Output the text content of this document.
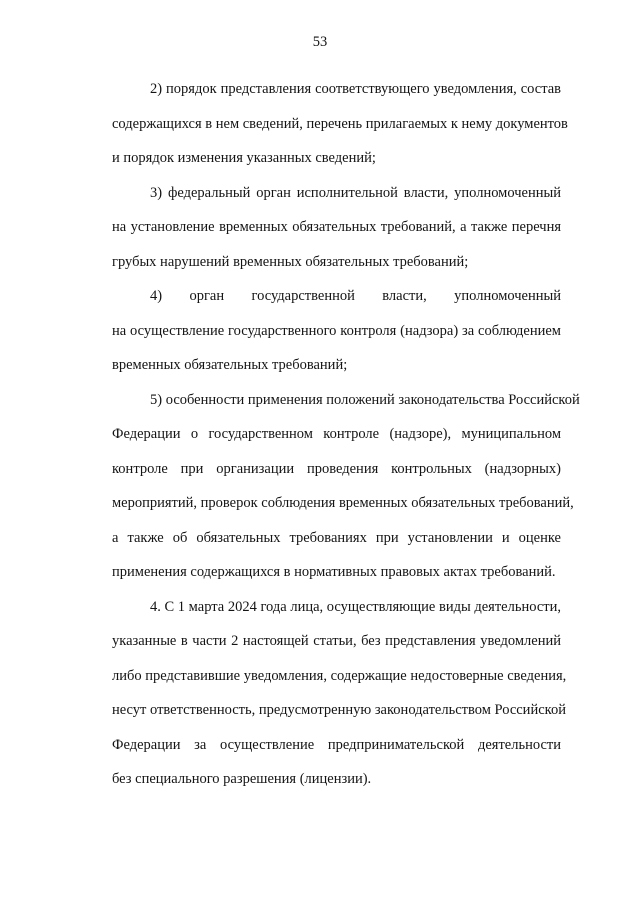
53

2) порядок представления соответствующего уведомления, состав
содержащихся в нем сведений, перечень прилагаемых к нему документов
и порядок изменения указанных сведений;

3) федеральный орган исполнительной власти, уполномоченный
на установление временных обязательных требований, а также перечня
грубых нарушений временных обязательных требований;

4) орган государственной власти, уполномоченный
на осуществление государственного контроля (надзора) за соблюдением
временных обязательных требований;

5) особенности применения положений законодательства Российской
Федерации о государственном контроле (надзоре), муниципальном
контроле при организации проведения контрольных (надзорных)
мероприятий, проверок соблюдения временных обязательных требований,
а также об обязательных требованиях при установлении и оценке
применения содержащихся в нормативных правовых актах требований.

4. С 1 марта 2024 года лица, осуществляющие виды деятельности,
указанные в части 2 настоящей статьи, без представления уведомлений
либо представившие уведомления, содержащие недостоверные сведения,
несут ответственность, предусмотренную законодательством Российской
Федерации за осуществление предпринимательской деятельности
без специального разрешения (лицензии).
